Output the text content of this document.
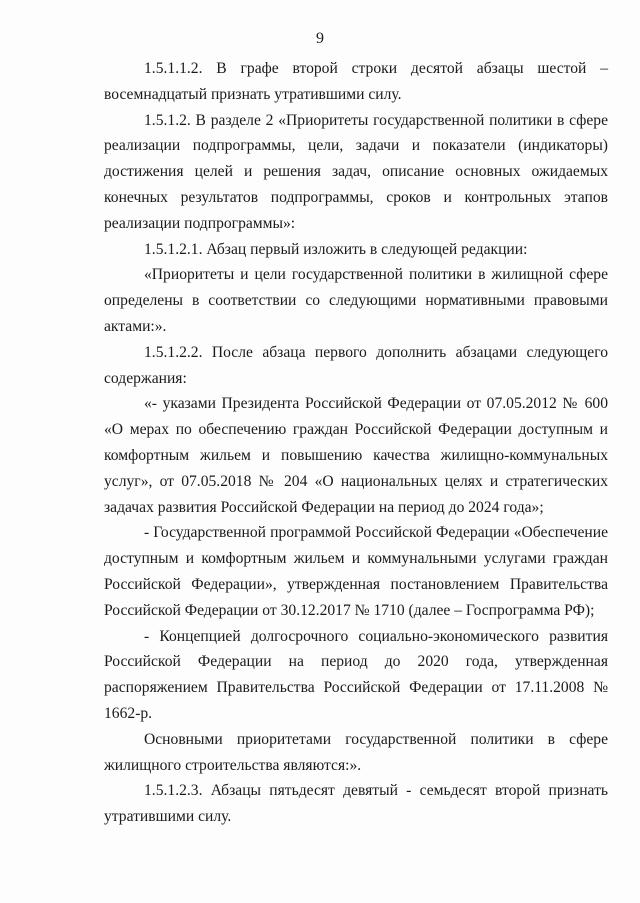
9

1.5.1.1.2. В графе второй строки десятой абзацы шестой – восемнадцатый признать утратившими силу.

1.5.1.2. В разделе 2 «Приоритеты государственной политики в сфере реализации подпрограммы, цели, задачи и показатели (индикаторы) достижения целей и решения задач, описание основных ожидаемых конечных результатов подпрограммы, сроков и контрольных этапов реализации подпрограммы»:

1.5.1.2.1. Абзац первый изложить в следующей редакции:

«Приоритеты и цели государственной политики в жилищной сфере определены в соответствии со следующими нормативными правовыми актами:».

1.5.1.2.2. После абзаца первого дополнить абзацами следующего содержания:

«- указами Президента Российской Федерации от 07.05.2012 № 600 «О мерах по обеспечению граждан Российской Федерации доступным и комфортным жильем и повышению качества жилищно-коммунальных услуг», от 07.05.2018 № 204 «О национальных целях и стратегических задачах развития Российской Федерации на период до 2024 года»;

- Государственной программой Российской Федерации «Обеспечение доступным и комфортным жильем и коммунальными услугами граждан Российской Федерации», утвержденная постановлением Правительства Российской Федерации от 30.12.2017 № 1710 (далее – Госпрограмма РФ);

- Концепцией долгосрочного социально-экономического развития Российской Федерации на период до 2020 года, утвержденная распоряжением Правительства Российской Федерации от 17.11.2008 № 1662-р.

Основными приоритетами государственной политики в сфере жилищного строительства являются:».

1.5.1.2.3. Абзацы пятьдесят девятый - семьдесят второй признать утратившими силу.
